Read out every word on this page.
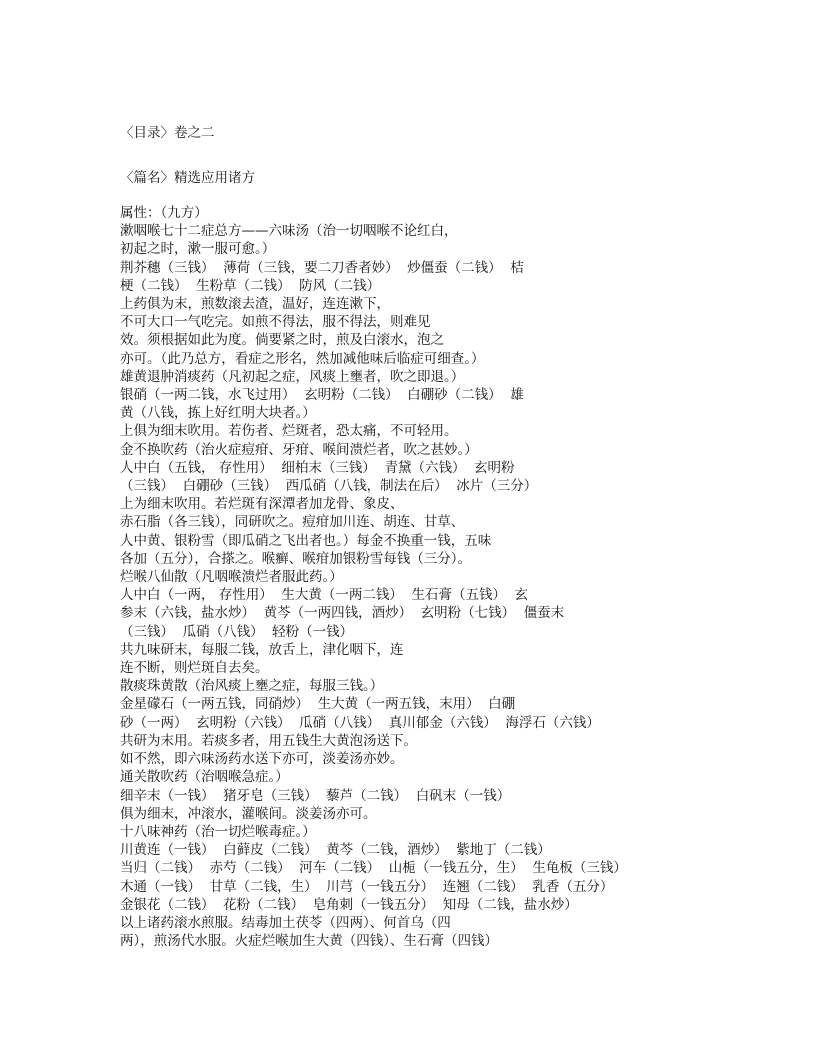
〈目录〉卷之二
〈篇名〉精选应用诸方
属性：（九方）
漱咽喉七十二症总方——六味汤（治一切咽喉不论红白，
初起之时，漱一服可愈。）
荆芥穗（三钱）  薄荷（三钱，要二刀香者妙）  炒僵蚕（二钱）  桔
梗（二钱）  生粉草（二钱）  防风（二钱）
上药俱为末，煎数滚去渣，温好，连连漱下，
不可大口一气吃完。如煎不得法，服不得法，则难见
效。须根据如此为度。倘要紧之时，煎及白滚水，泡之
亦可。（此乃总方，看症之形名，然加减他味后临症可细查。）
雄黄退肿消痰药（凡初起之症，风痰上壅者，吹之即退。）
银硝（一两二钱，水飞过用）  玄明粉（二钱）  白硼砂（二钱）  雄
黄（八钱，拣上好红明大块者。）
上俱为细末吹用。若伤者、烂斑者，恐太痛，不可轻用。
金不换吹药（治火症痘疳、牙疳、喉间溃烂者，吹之甚妙。）
人中白（五钱， 存性用）  细柏末（三钱）  青黛（六钱）  玄明粉
（三钱）  白硼砂（三钱）  西瓜硝（八钱，制法在后）  冰片（三分）
上为细末吹用。若烂斑有深潭者加龙骨、象皮、
赤石脂（各三钱），同研吹之。痘疳加川连、胡连、甘草、
人中黄、银粉雪（即瓜硝之飞出者也。）每金不换重一钱，五味
各加（五分），合搽之。喉癣、喉疳加银粉雪每钱（三分）。
烂喉八仙散（凡咽喉溃烂者服此药。）
人中白（一两， 存性用）  生大黄（一两二钱）  生石膏（五钱）  玄
参末（六钱，盐水炒）  黄芩（一两四钱，酒炒）  玄明粉（七钱）  僵蚕末
（三钱）  瓜硝（八钱）  轻粉（一钱）
共九味研末，每服二钱，放舌上，津化咽下，连
连不断，则烂斑自去矣。
散痰珠黄散（治风痰上壅之症，每服三钱。）
金星礞石（一两五钱，同硝炒）  生大黄（一两五钱，末用）  白硼
砂（一两）  玄明粉（六钱）  瓜硝（八钱）  真川郁金（六钱）  海浮石（六钱）
共研为末用。若痰多者，用五钱生大黄泡汤送下。
如不然，即六味汤药水送下亦可，淡姜汤亦妙。
通关散吹药（治咽喉急症。）
细辛末（一钱）  猪牙皂（三钱）  藜芦（二钱）  白矾末（一钱）
俱为细末，冲滚水，灌喉间。淡姜汤亦可。
十八味神药（治一切烂喉毒症。）
川黄连（一钱）  白藓皮（二钱）  黄芩（二钱，酒炒）  紫地丁（二钱）
当归（二钱）  赤芍（二钱）  河车（二钱）  山栀（一钱五分，生）  生龟板（三钱）
木通（一钱）  甘草（二钱，生）  川芎（一钱五分）  连翘（二钱）  乳香（五分）
金银花（二钱）  花粉（二钱）  皂角刺（一钱五分）  知母（二钱，盐水炒）
以上诸药滚水煎服。结毒加土茯苓（四两）、何首乌（四
两），煎汤代水服。火症烂喉加生大黄（四钱）、生石膏（四钱）
